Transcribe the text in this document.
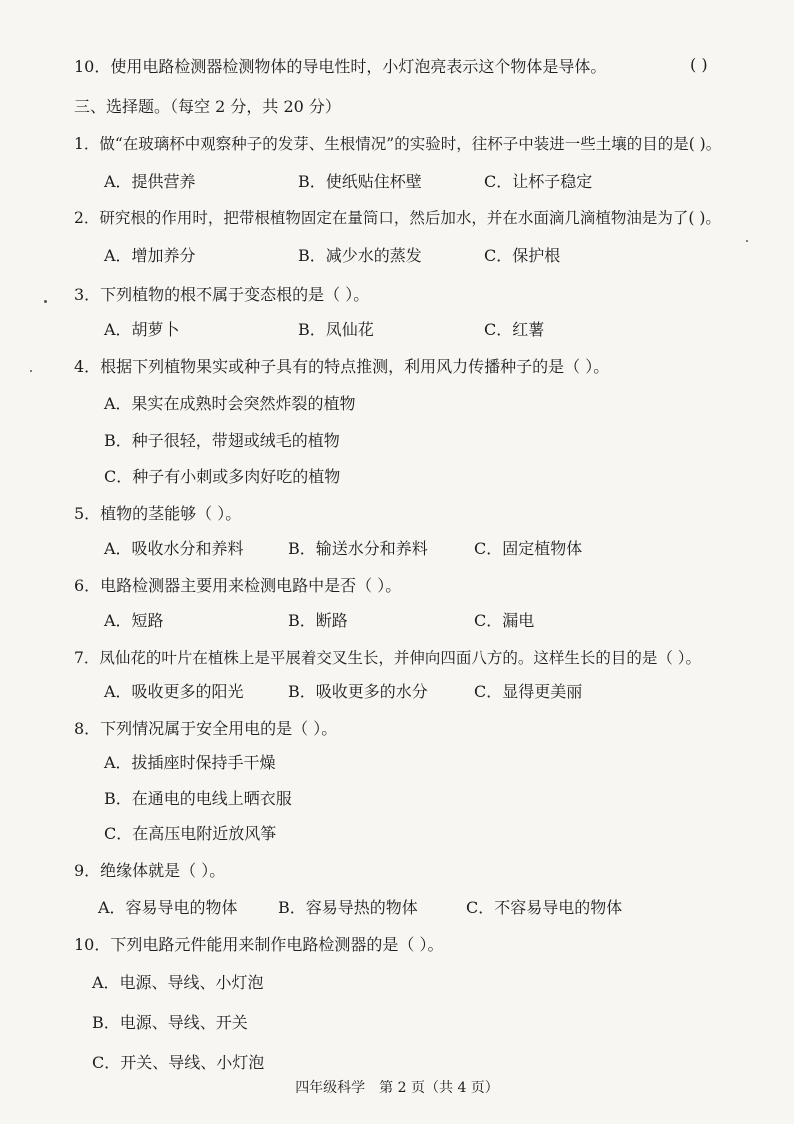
10．使用电路检测器检测物体的导电性时，小灯泡亮表示这个物体是导体。	( )
三、选择题。（每空 2 分，共 20 分）
1．做“在玻璃杯中观察种子的发芽、生根情况”的实验时，往杯子中装进一些土壤的目的是( )。
A．提供营养	B．使纸贴住杯壁	C．让杯子稳定
2．研究根的作用时，把带根植物固定在量筒口，然后加水，并在水面滴几滴植物油是为了( )。
A．增加养分	B．减少水的蒸发	C．保护根
3．下列植物的根不属于变态根的是（ ）。
A．胡萝卜	B．凤仙花	C．红薯
4．根据下列植物果实或种子具有的特点推测，利用风力传播种子的是（ ）。
A．果实在成熟时会突然炸裂的植物
B．种子很轻，带翅或绒毛的植物
C．种子有小刺或多肉好吃的植物
5．植物的茎能够（ ）。
A．吸收水分和养料	B．输送水分和养料	C．固定植物体
6．电路检测器主要用来检测电路中是否（ ）。
A．短路	B．断路	C．漏电
7．凤仙花的叶片在植株上是平展着交叉生长，并伸向四面八方的。这样生长的目的是（ ）。
A．吸收更多的阳光	B．吸收更多的水分	C．显得更美丽
8．下列情况属于安全用电的是（ ）。
A．拔插座时保持手干燥
B．在通电的电线上晒衣服
C．在高压电附近放风筝
9．绝缘体就是（ ）。
A．容易导电的物体	B．容易导热的物体	C．不容易导电的物体
10．下列电路元件能用来制作电路检测器的是（ ）。
A．电源、导线、小灯泡
B．电源、导线、开关
C．开关、导线、小灯泡
四年级科学　第 2 页（共 4 页）
